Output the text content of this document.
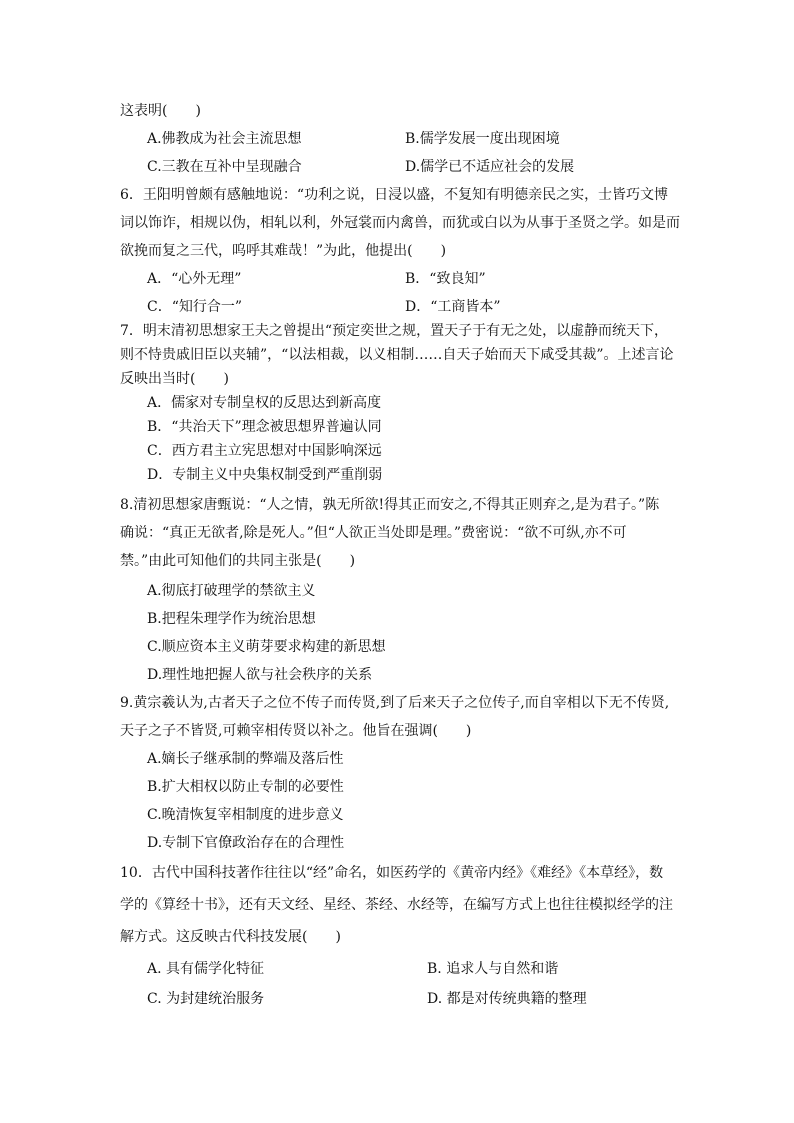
这表明(　　)
A.佛教成为社会主流思想	B.儒学发展一度出现困境
C.三教在互补中呈现融合	D.儒学已不适应社会的发展
6．王阳明曾颇有感触地说：“功利之说，日浸以盛，不复知有明德亲民之实，士皆巧文博
词以饰诈，相规以伪，相轧以利，外冠裳而内禽兽，而犹或白以为从事于圣贤之学。如是而
欲挽而复之三代，呜呼其难哉！”为此，他提出(　　)
A．“心外无理”	B．“致良知”
C．“知行合一”	D．“工商皆本”
7．明末清初思想家王夫之曾提出“预定奕世之规，置天子于有无之处，以虚静而统天下，
则不恃贵戚旧臣以夹辅”，“以法相裁，以义相制……自天子始而天下咸受其裁”。上述言论
反映出当时(　　)
A．儒家对专制皇权的反思达到新高度
B．“共治天下”理念被思想界普遍认同
C．西方君主立宪思想对中国影响深远
D．专制主义中央集权制受到严重削弱
8.清初思想家唐甄说：“人之情，孰无所欲!得其正而安之,不得其正则弃之,是为君子。”陈
确说：“真正无欲者,除是死人。”但“人欲正当处即是理。”费密说：“欲不可纵,亦不可
禁。”由此可知他们的共同主张是(　　)
A.彻底打破理学的禁欲主义
B.把程朱理学作为统治思想
C.顺应资本主义萌芽要求构建的新思想
D.理性地把握人欲与社会秩序的关系
9.黄宗羲认为,古者天子之位不传子而传贤,到了后来天子之位传子,而自宰相以下无不传贤,
天子之子不皆贤,可赖宰相传贤以补之。他旨在强调(　　)
A.嫡长子继承制的弊端及落后性
B.扩大相权以防止专制的必要性
C.晚清恢复宰相制度的进步意义
D.专制下官僚政治存在的合理性
10．古代中国科技著作往往以“经”命名，如医药学的《黄帝内经》《难经》《本草经》，数
学的《算经十书》，还有天文经、星经、茶经、水经等，在编写方式上也往往模拟经学的注
解方式。这反映古代科技发展(　　)
A. 具有儒学化特征	B. 追求人与自然和谐
C. 为封建统治服务	D. 都是对传统典籍的整理
